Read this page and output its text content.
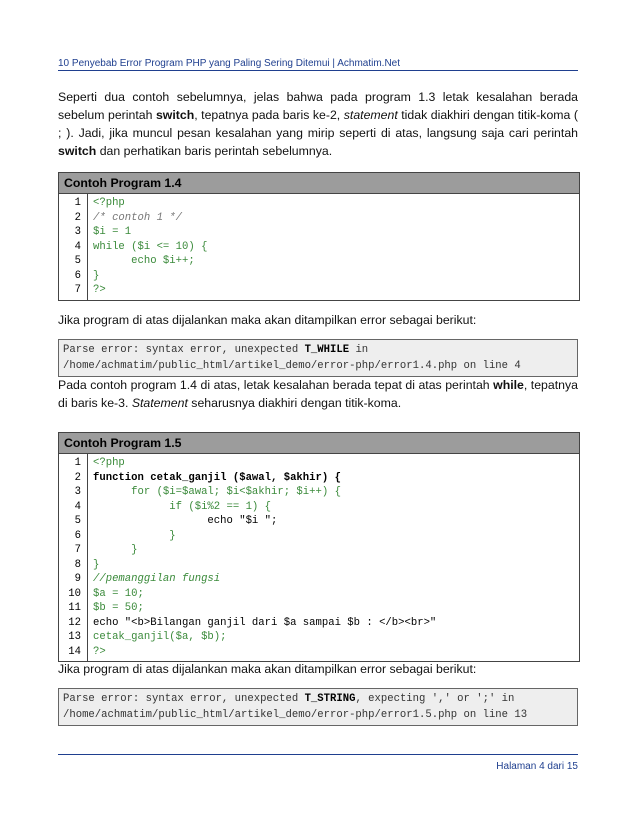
10 Penyebab Error Program PHP yang Paling Sering Ditemui | Achmatim.Net
Seperti dua contoh sebelumnya, jelas bahwa pada program 1.3 letak kesalahan berada sebelum perintah switch, tepatnya pada baris ke-2, statement tidak diakhiri dengan titik-koma ( ; ). Jadi, jika muncul pesan kesalahan yang mirip seperti di atas, langsung saja cari perintah switch dan perhatikan baris perintah sebelumnya.
Contoh Program 1.4
1
2
3
4
5
6
7
<?php
/* contoh 1 */
$i = 1
while ($i <= 10) {
echo $i++;
}
?>
Jika program di atas dijalankan maka akan ditampilkan error sebagai berikut:
Parse error: syntax error, unexpected T_WHILE in
/home/achmatim/public_html/artikel_demo/error-php/error1.4.php on line 4
Pada contoh program 1.4 di atas, letak kesalahan berada tepat di atas perintah while, tepatnya di baris ke-3. Statement seharusnya diakhiri dengan titik-koma.
Contoh Program 1.5
1
2
3
4
5
6
7
8
9
10
11
12
13
14
<?php
function cetak_ganjil ($awal, $akhir) {
for ($i=$awal; $i<$akhir; $i++) {
if ($i%2 == 1) {
echo "$i ";
}
}
}
//pemanggilan fungsi
$a = 10;
$b = 50;
echo "<b>Bilangan ganjil dari $a sampai $b : </b><br>"
cetak_ganjil($a, $b);
?>
Jika program di atas dijalankan maka akan ditampilkan error sebagai berikut:
Parse error: syntax error, unexpected T_STRING, expecting ',' or ';' in
/home/achmatim/public_html/artikel_demo/error-php/error1.5.php on line 13
Halaman 4 dari 15
